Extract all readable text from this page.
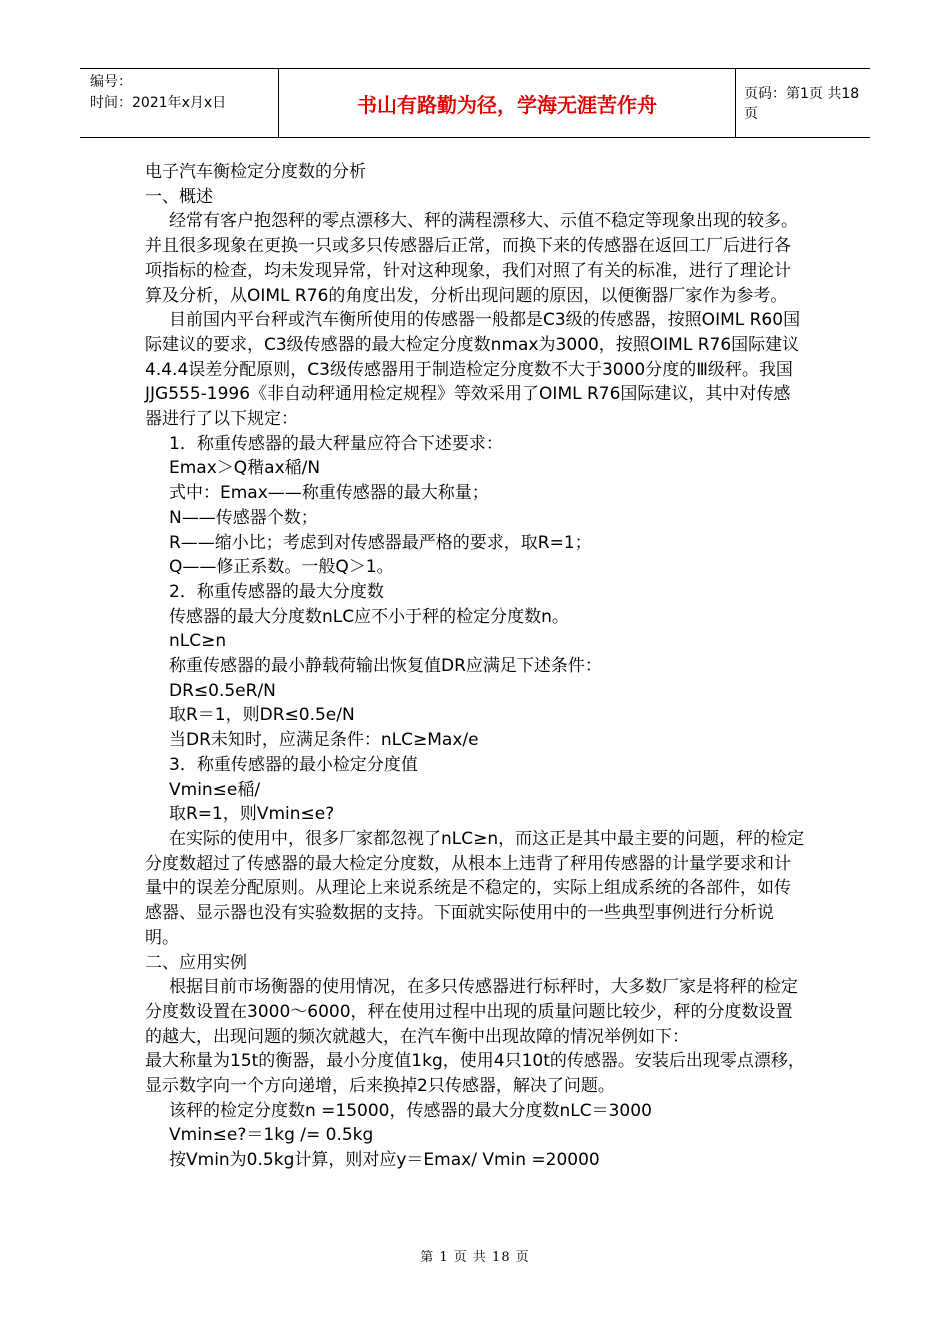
编号：
时间：2021年x月x日	书山有路勤为径，学海无涯苦作舟	页码：第1页 共18页

电子汽车衡检定分度数的分析

一、概述

经常有客户抱怨秤的零点漂移大、秤的满程漂移大、示值不稳定等现象出现的较多。并且很多现象在更换一只或多只传感器后正常，而换下来的传感器在返回工厂后进行各项指标的检查，均未发现异常，针对这种现象，我们对照了有关的标准，进行了理论计算及分析，从OIML R76的角度出发，分析出现问题的原因，以便衡器厂家作为参考。

目前国内平台秤或汽车衡所使用的传感器一般都是C3级的传感器，按照OIML R60国际建议的要求，C3级传感器的最大检定分度数nmax为3000，按照OIML R76国际建议4.4.4误差分配原则，C3级传感器用于制造检定分度数不大于3000分度的Ⅲ级秤。我国JJG555-1996《非自动秤通用检定规程》等效采用了OIML R76国际建议，其中对传感器进行了以下规定：

1．称重传感器的最大秤量应符合下述要求：

Emax＞Q稭ax稲/N

式中：Emax——称重传感器的最大称量；

N——传感器个数；

R——缩小比；考虑到对传感器最严格的要求，取R=1；

Q——修正系数。一般Q＞1。

2．称重传感器的最大分度数

传感器的最大分度数nLC应不小于秤的检定分度数n。

nLC≥n

称重传感器的最小静载荷输出恢复值DR应满足下述条件：

DR≤0.5eR/N

取R＝1，则DR≤0.5e/N

当DR未知时，应满足条件：nLC≥Max/e

3．称重传感器的最小检定分度值

Vmin≤e稲/

取R=1，则Vmin≤e?

在实际的使用中，很多厂家都忽视了nLC≥n，而这正是其中最主要的问题，秤的检定分度数超过了传感器的最大检定分度数，从根本上违背了秤用传感器的计量学要求和计量中的误差分配原则。从理论上来说系统是不稳定的，实际上组成系统的各部件，如传感器、显示器也没有实验数据的支持。下面就实际使用中的一些典型事例进行分析说明。

二、应用实例

根据目前市场衡器的使用情况，在多只传感器进行标秤时，大多数厂家是将秤的检定分度数设置在3000～6000，秤在使用过程中出现的质量问题比较少，秤的分度数设置的越大，出现问题的频次就越大，在汽车衡中出现故障的情况举例如下：

最大称量为15t的衡器，最小分度值1kg，使用4只10t的传感器。安装后出现零点漂移，显示数字向一个方向递增，后来换掉2只传感器，解决了问题。

该秤的检定分度数n =15000，传感器的最大分度数nLC＝3000

Vmin≤e?＝1kg /= 0.5kg

按Vmin为0.5kg计算，则对应y＝Emax/ Vmin =20000

第 1 页 共 18 页
